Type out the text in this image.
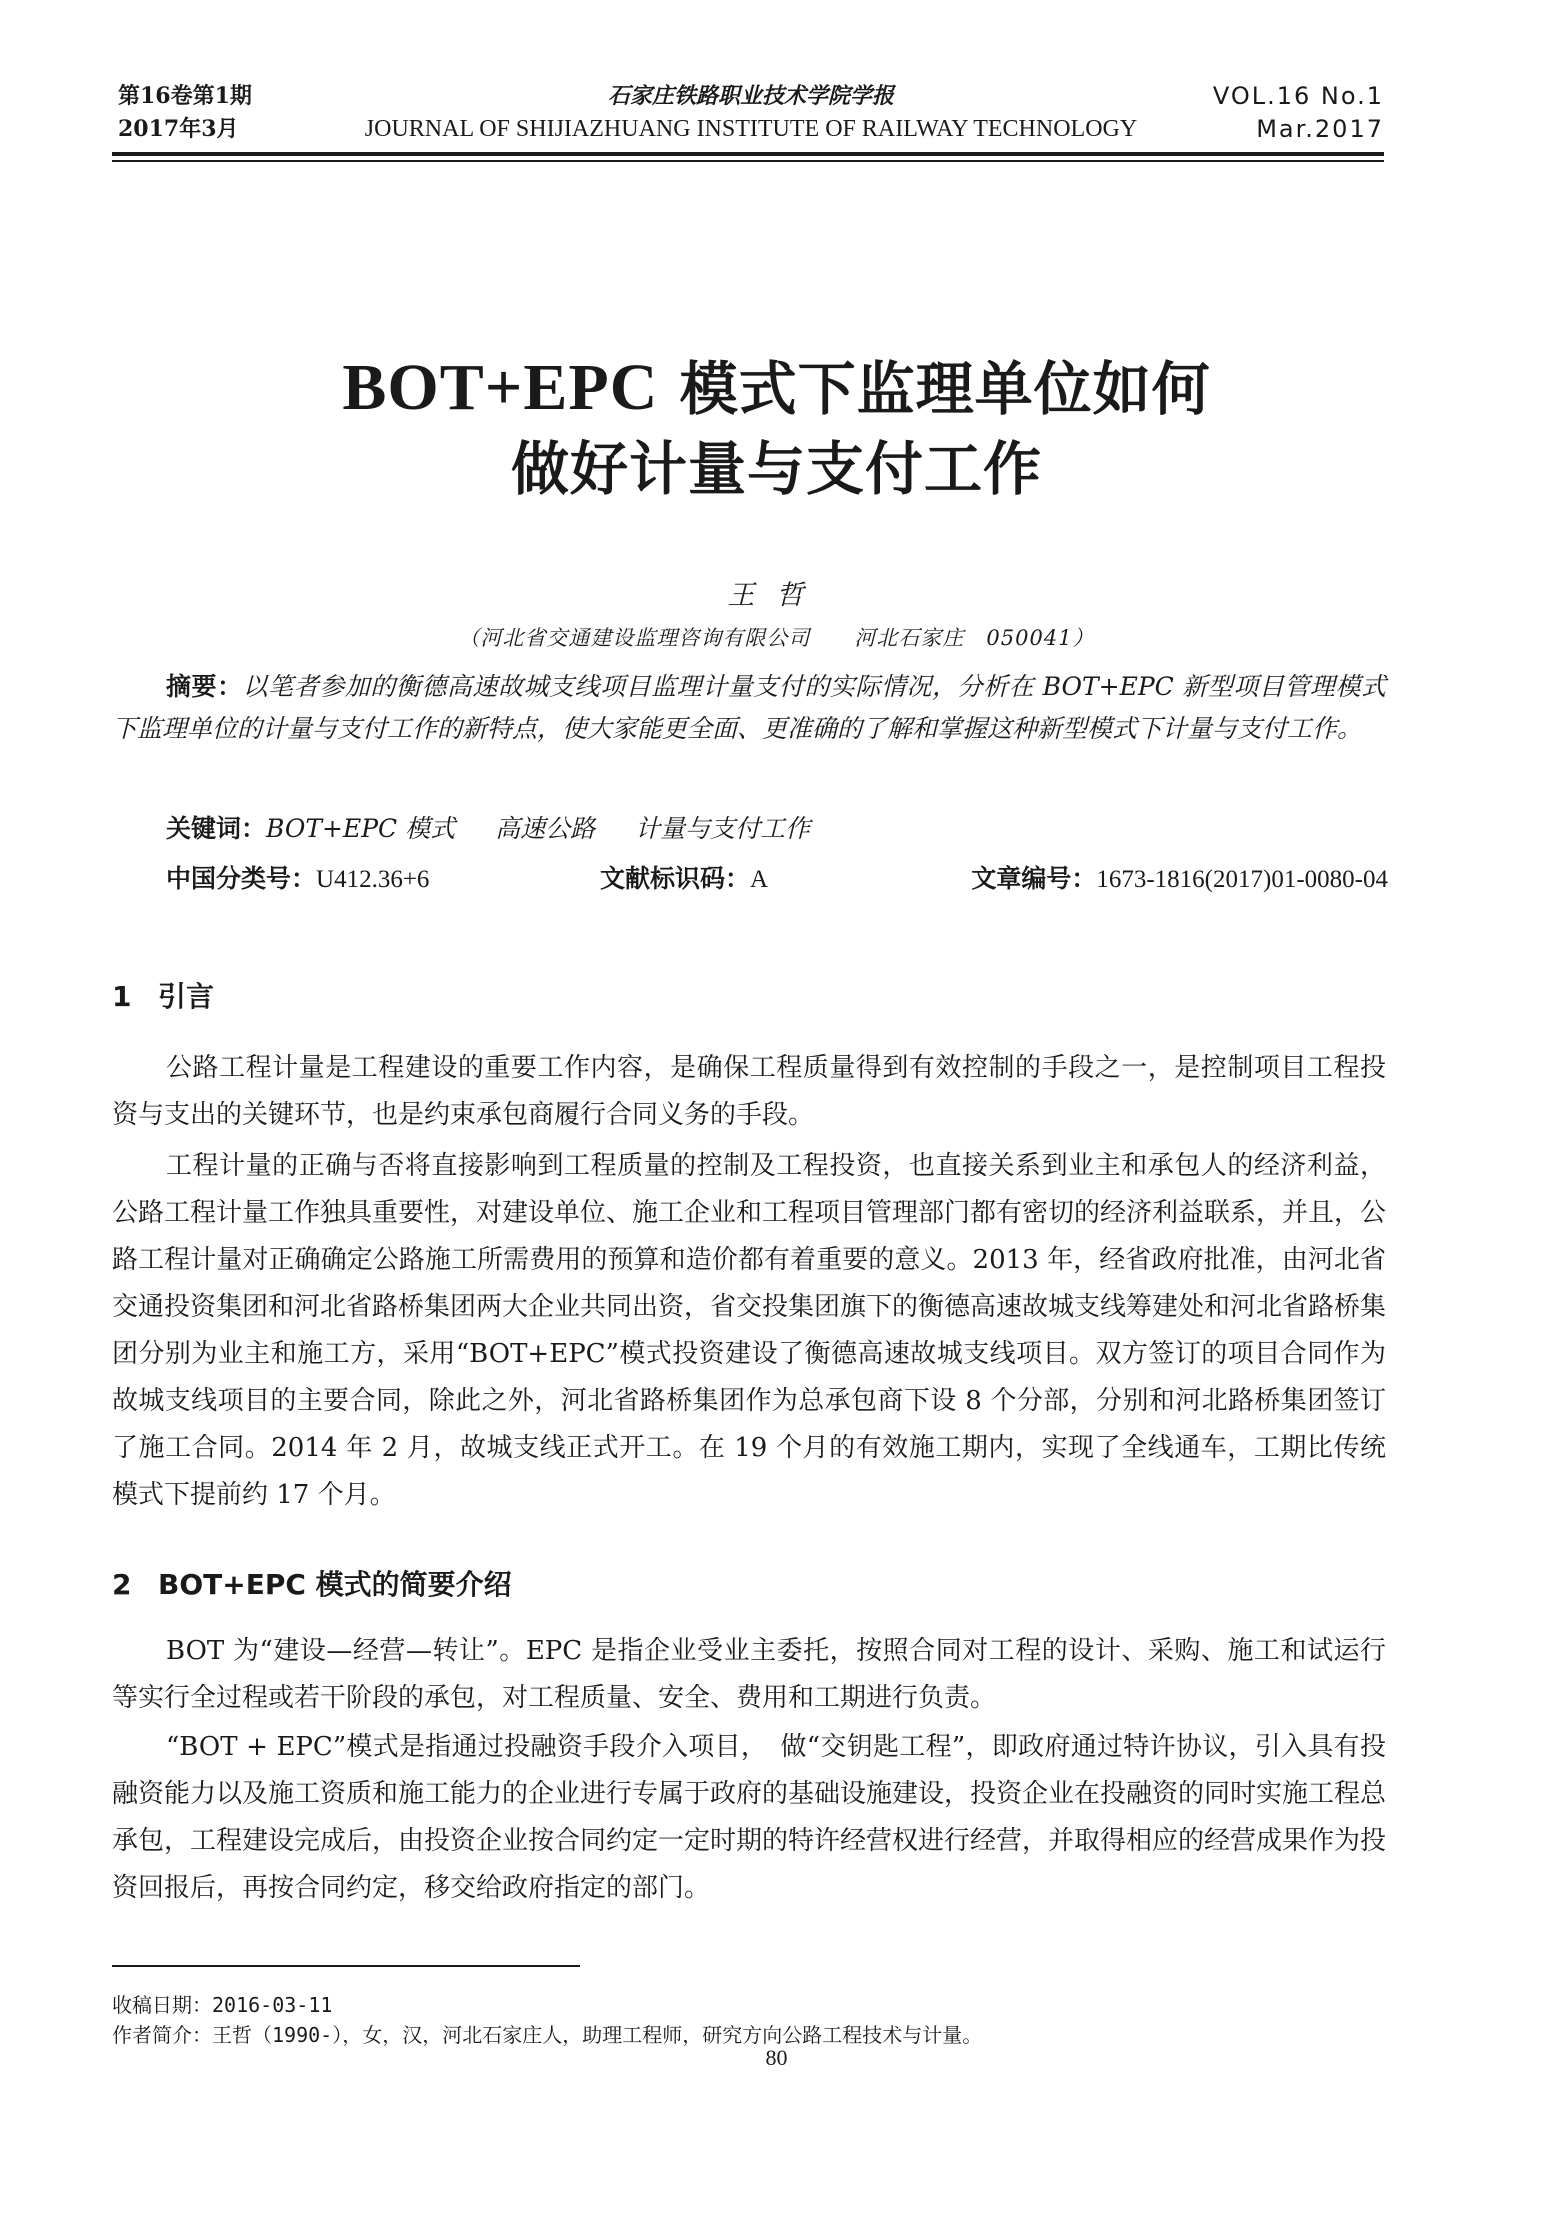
第16卷第1期
2017年3月
石家庄铁路职业技术学院学报
JOURNAL OF SHIJIAZHUANG INSTITUTE OF RAILWAY TECHNOLOGY
VOL.16 No.1
Mar.2017
BOT+EPC 模式下监理单位如何
做好计量与支付工作
王哲
（河北省交通建设监理咨询有限公司　　河北石家庄　050041）
摘要：以笔者参加的衡德高速故城支线项目监理计量支付的实际情况，分析在 BOT+EPC 新型项目管理模式下监理单位的计量与支付工作的新特点，使大家能更全面、更准确的了解和掌握这种新型模式下计量与支付工作。
关键词：BOT+EPC 模式 高速公路 计量与支付工作
中国分类号：U412.36+6	文献标识码：A	文章编号：1673-1816(2017)01-0080-04
1 引言
公路工程计量是工程建设的重要工作内容，是确保工程质量得到有效控制的手段之一，是控制项目工程投资与支出的关键环节，也是约束承包商履行合同义务的手段。
工程计量的正确与否将直接影响到工程质量的控制及工程投资，也直接关系到业主和承包人的经济利益，公路工程计量工作独具重要性，对建设单位、施工企业和工程项目管理部门都有密切的经济利益联系，并且，公路工程计量对正确确定公路施工所需费用的预算和造价都有着重要的意义。2013 年，经省政府批准，由河北省交通投资集团和河北省路桥集团两大企业共同出资，省交投集团旗下的衡德高速故城支线筹建处和河北省路桥集团分别为业主和施工方，采用“BOT+EPC”模式投资建设了衡德高速故城支线项目。双方签订的项目合同作为故城支线项目的主要合同，除此之外，河北省路桥集团作为总承包商下设 8 个分部，分别和河北路桥集团签订了施工合同。2014 年 2 月，故城支线正式开工。在 19 个月的有效施工期内，实现了全线通车，工期比传统模式下提前约 17 个月。
2 BOT+EPC 模式的简要介绍
BOT 为“建设—经营—转让”。EPC 是指企业受业主委托，按照合同对工程的设计、采购、施工和试运行等实行全过程或若干阶段的承包，对工程质量、安全、费用和工期进行负责。
“BOT + EPC”模式是指通过投融资手段介入项目，　做“交钥匙工程”，即政府通过特许协议，引入具有投融资能力以及施工资质和施工能力的企业进行专属于政府的基础设施建设，投资企业在投融资的同时实施工程总承包，工程建设完成后，由投资企业按合同约定一定时期的特许经营权进行经营，并取得相应的经营成果作为投资回报后，再按合同约定，移交给政府指定的部门。
收稿日期：2016-03-11
作者简介：王哲（1990-），女，汉，河北石家庄人，助理工程师，研究方向公路工程技术与计量。
80
